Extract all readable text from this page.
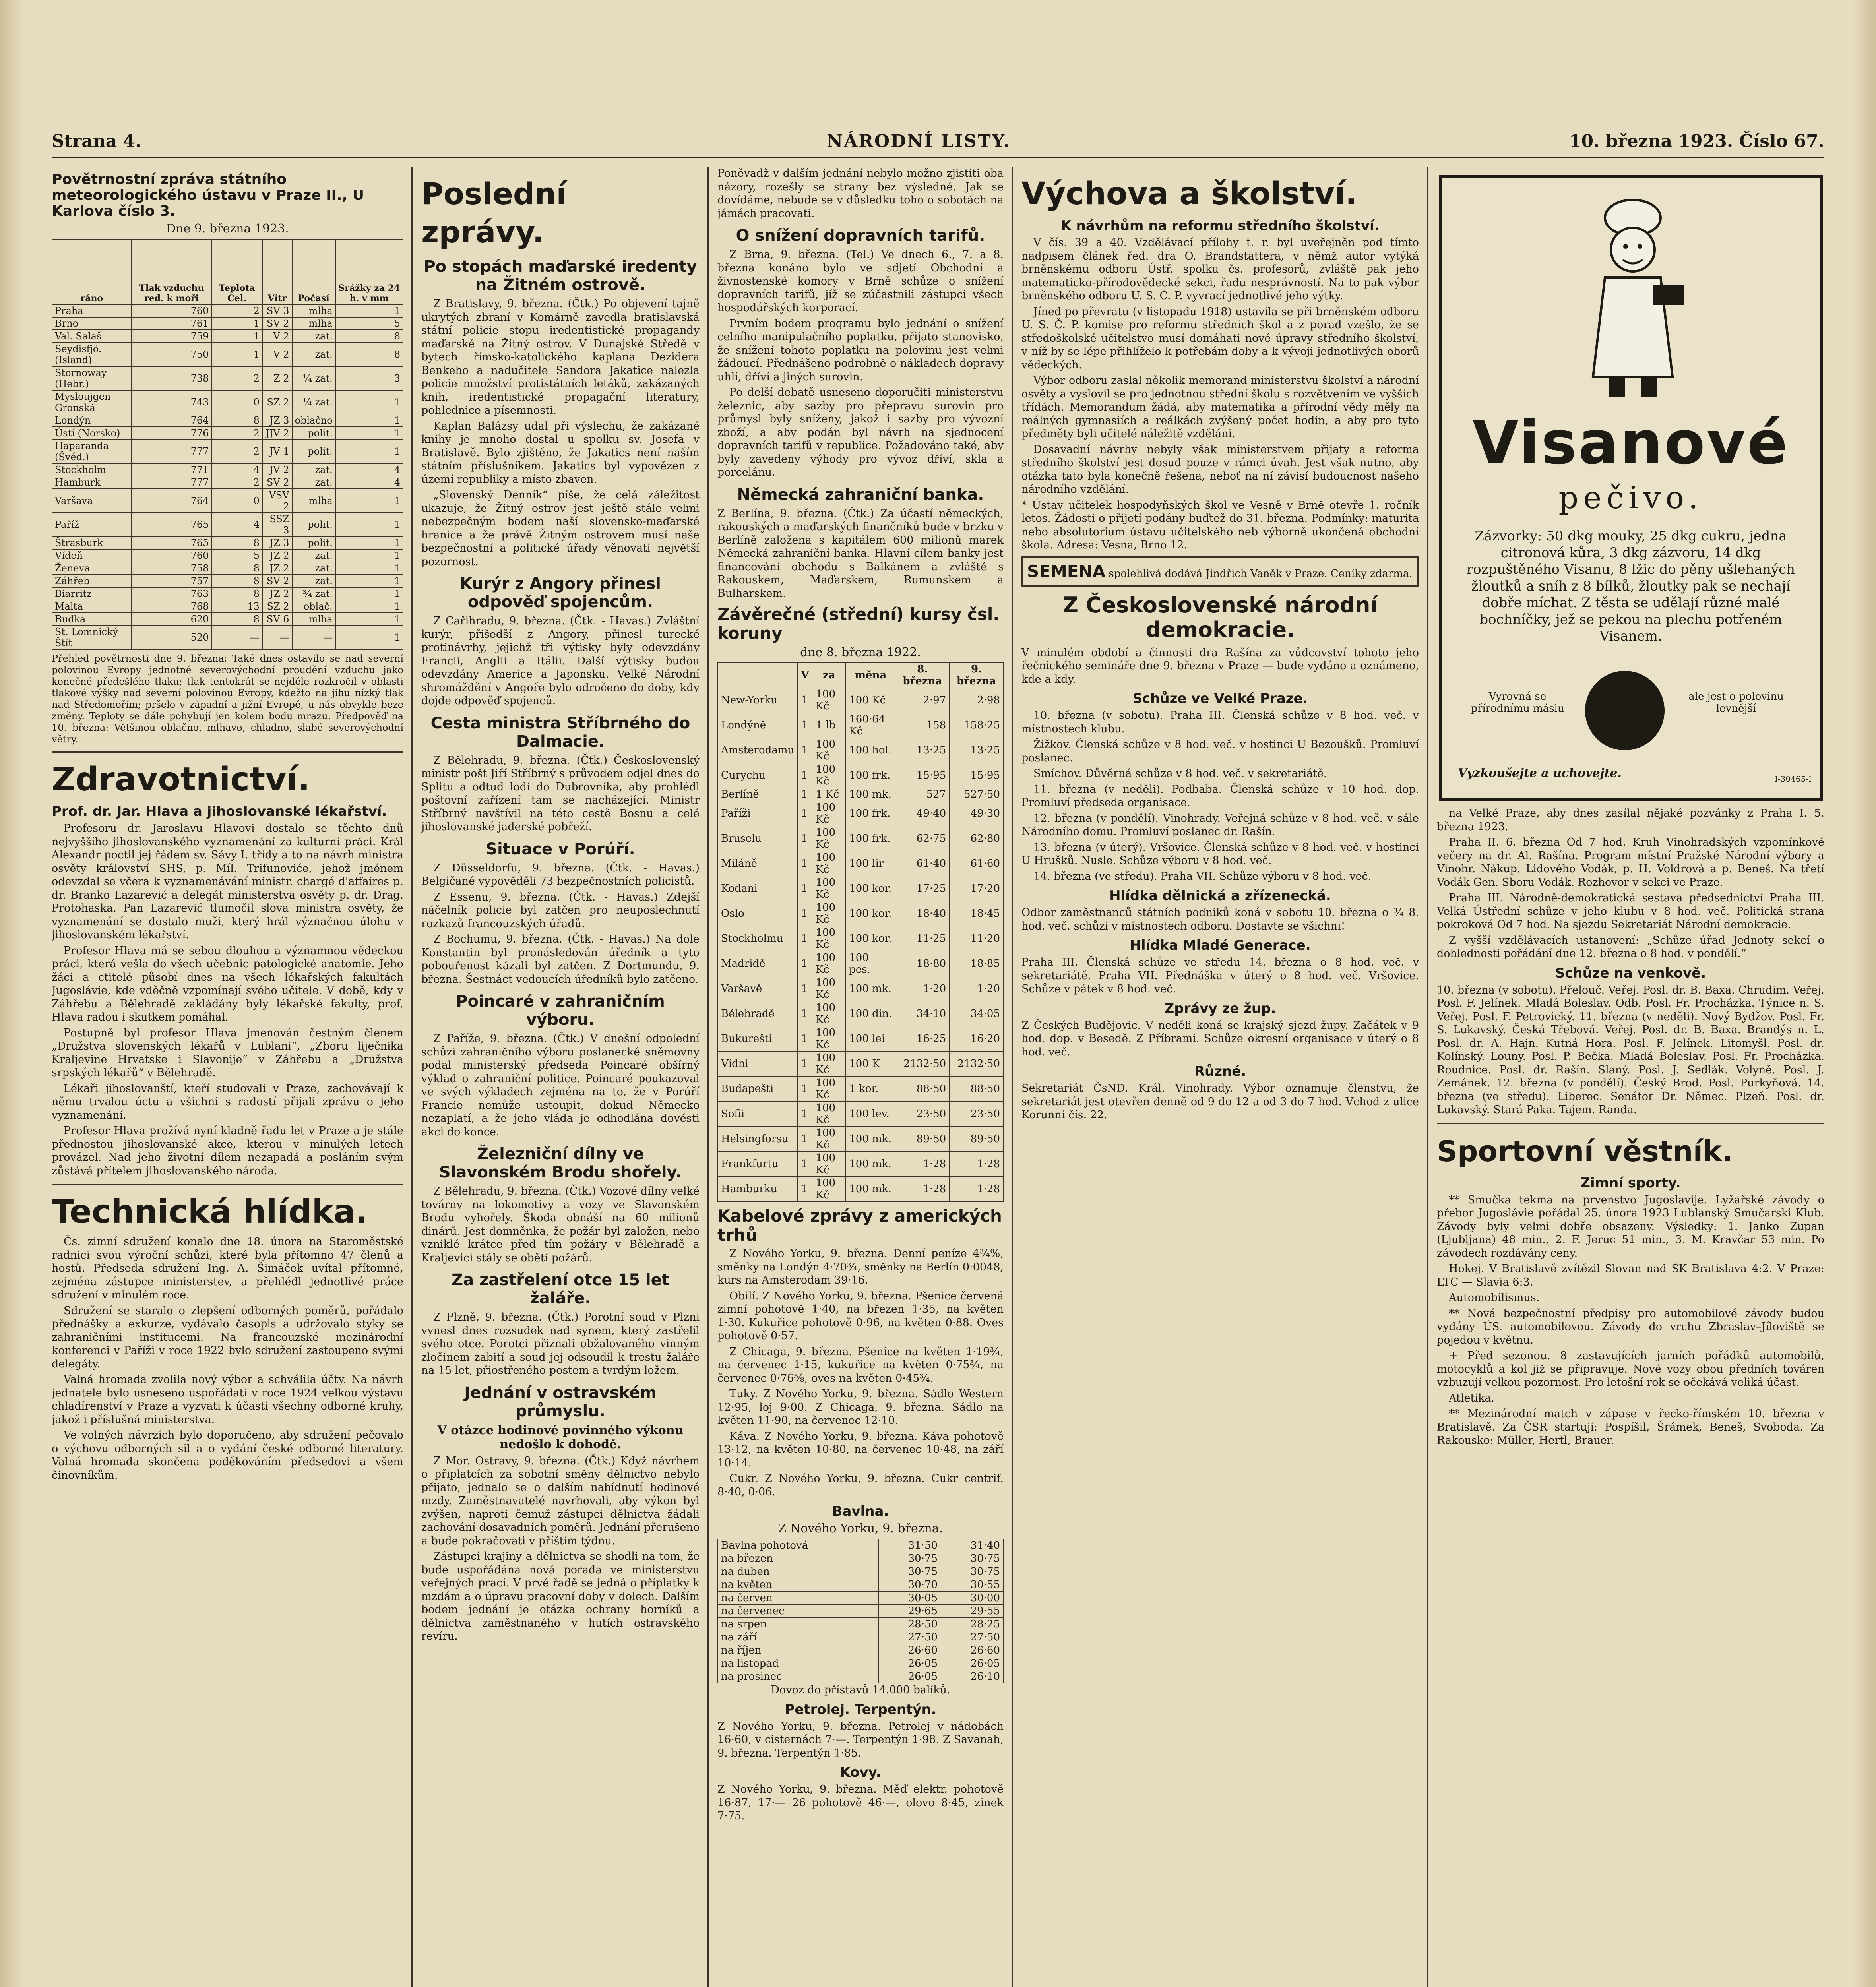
Strana 4.	NÁRODNÍ LISTY.	10. března 1923. Číslo 67.
Povětrnostní zpráva státního meteorologického ústavu v Praze II., U Karlova číslo 3.
Dne 9. března 1923.
ráno	Tlak vzduchu red. k moři	Teplota Cel.	Vítr	Počasí	Srážky za 24 h. v mm
Praha	760	2	SV 3	mlha	1
Brno	761	1	SV 2	mlha	5
Val. Salaš	759	1	V 2	zat.	8
Seydisfjö. (Island)	750	1	V 2	zat.	8
Stornoway (Hebr.)	738	2	Z 2	¼ zat.	3
Mysloujgen Gronská	743	0	SZ 2	¼ zat.	1
Londýn	764	8	JZ 3	oblačno	1
Ústí (Norsko)	776	2	JJV 2	polit.	1
Haparanda (Švéd.)	777	2	JV 1	polit.	1
Stockholm	771	4	JV 2	zat.	4
Hamburk	777	2	SV 2	zat.	4
Varšava	764	0	VSV 2	mlha	1
Paříž	765	4	SSZ 3	polit.	1
Štrasburk	765	8	JZ 3	polit.	1
Vídeň	760	5	JZ 2	zat.	1
Ženeva	758	8	JZ 2	zat.	1
Záhřeb	757	8	SV 2	zat.	1
Biarritz	763	8	JZ 2	¾ zat.	1
Malta	768	13	SZ 2	oblač.	1
Budka	620	8	SV 6	mlha	1
St. Lomnický Štít	520	—	—	—	1
Přehled povětrnosti dne 9. března: Také dnes ostavilo se nad severní polovinou Evropy jednotné severovýchodní proudění vzduchu jako konečné předešlého tlaku; tlak tentokrát se nejdéle rozkročil v oblasti tlakové výšky nad severní polovinou Evropy, kdežto na jihu nízký tlak nad Středomořím; pršelo v západní a jižní Evropě, u nás obvykle beze změny. Teploty se dále pohybují jen kolem bodu mrazu. Předpověď na 10. března: Většinou oblačno, mlhavo, chladno, slabé severovýchodní větry.
Zdravotnictví.
Prof. dr. Jar. Hlava a jihoslovanské lékařství.

Profesoru dr. Jaroslavu Hlavovi dostalo se těchto dnů nejvyššího jihoslovanského vyznamenání za kulturní práci. Král Alexandr poctil jej řádem sv. Sávy I. třídy a to na návrh ministra osvěty království SHS, p. Míl. Trifunoviće, jehož jménem odevzdal se včera k vyznamenávání ministr. chargé d'affaires p. dr. Branko Lazarević a delegát ministerstva osvěty p. dr. Drag. Protohaska. Pan Lazarević tlumočil slova ministra osvěty, že vyznamenání se dostalo muži, který hrál význačnou úlohu v jihoslovanském lékařství.

Profesor Hlava má se sebou dlouhou a významnou vědeckou práci, která vešla do všech učebnic patologické anatomie. Jeho žáci a ctitelé působí dnes na všech lékařských fakultách Jugoslávie, kde vděčně vzpomínají svého učitele. V době, kdy v Záhřebu a Bělehradě zakládány byly lékařské fakulty, prof. Hlava radou i skutkem pomáhal.

Postupně byl profesor Hlava jmenován čestným členem „Družstva slovenských lékařů v Lublani“, „Zboru liječnika Kraljevine Hrvatske i Slavonije“ v Záhřebu a „Družstva srpských lékařů“ v Bělehradě.

Lékaři jihoslovanští, kteří studovali v Praze, zachovávají k němu trvalou úctu a všichni s radostí přijali zprávu o jeho vyznamenání.

Profesor Hlava prožívá nyní kladně řadu let v Praze a je stále přednostou jihoslovanské akce, kterou v minulých letech provázel. Nad jeho životní dílem nezapadá a posláním svým zůstává přítelem jihoslovanského národa.

Technická hlídka.

Čs. zimní sdružení konalo dne 18. února na Staroměstské radnici svou výroční schůzi, které byla přítomno 47 členů a hostů. Předseda sdružení Ing. A. Šimáček uvítal přítomné, zejména zástupce ministerstev, a přehlédl jednotlivé práce sdružení v minulém roce.

Sdružení se staralo o zlepšení odborných poměrů, pořádalo přednášky a exkurze, vydávalo časopis a udržovalo styky se zahraničními institucemi. Na francouzské mezinárodní konferenci v Paříži v roce 1922 bylo sdružení zastoupeno svými delegáty.

Valná hromada zvolila nový výbor a schválila účty. Na návrh jednatele bylo usneseno uspořádati v roce 1924 velkou výstavu chladírenství v Praze a vyzvati k účasti všechny odborné kruhy, jakož i příslušná ministerstva.

Ve volných návrzích bylo doporučeno, aby sdružení pečovalo o výchovu odborných sil a o vydání české odborné literatury. Valná hromada skončena poděkováním předsedovi a všem činovníkům.

Poslední zprávy.
Po stopách maďarské iredenty na Žitném ostrově.

Z Bratislavy, 9. března. (Čtk.) Po objevení tajně ukrytých zbraní v Komárně zavedla bratislavská státní policie stopu iredentistické propagandy maďarské na Žitný ostrov. V Dunajské Středě v bytech římsko-katolického kaplana Dezidera Benkeho a nadučitele Sandora Jakatice nalezla policie množství protistátních letáků, zakázaných knih, iredentistické propagační literatury, pohlednice a písemnosti.

Kaplan Balázsy udal při výslechu, že zakázané knihy je mnoho dostal u spolku sv. Josefa v Bratislavě. Bylo zjištěno, že Jakatics není naším státním příslušníkem. Jakatics byl vypovězen z území republiky a místo zbaven.

„Slovenský Denník“ píše, že celá záležitost ukazuje, že Žitný ostrov jest ještě stále velmi nebezpečným bodem naší slovensko-maďarské hranice a že právě Žitným ostrovem musí naše bezpečnostní a politické úřady věnovati největší pozornost.

Kurýr z Angory přinesl odpověď spojencům.

Z Cařihradu, 9. března. (Čtk. - Havas.) Zvláštní kurýr, přišedší z Angory, přinesl turecké protinávrhy, jejichž tři výtisky byly odevzdány Francii, Anglii a Itálii. Další výtisky budou odevzdány Americe a Japonsku. Velké Národní shromáždění v Angoře bylo odročeno do doby, kdy dojde odpověď spojenců.

Cesta ministra Stříbrného do Dalmacie.

Z Bělehradu, 9. března. (Čtk.) Československý ministr pošt Jiří Stříbrný s průvodem odjel dnes do Splitu a odtud lodí do Dubrovníka, aby prohlédl poštovní zařízení tam se nacházející. Ministr Stříbrný navštívil na této cestě Bosnu a celé jihoslovanské jaderské pobřeží.

Situace v Porúří.

Z Düsseldorfu, 9. března. (Čtk. - Havas.) Belgičané vypověděli 73 bezpečnostních policistů.

Z Essenu, 9. března. (Čtk. - Havas.) Zdejší náčelník policie byl zatčen pro neuposlechnutí rozkazů francouzských úřadů.

Z Bochumu, 9. března. (Čtk. - Havas.) Na dole Konstantin byl pronásledován úředník a tyto pobouřenost kázali byl zatčen. Z Dortmundu, 9. března. Šestnáct vedoucích úředníků bylo zatčeno.

Poincaré v zahraničním výboru.

Z Paříže, 9. března. (Čtk.) V dnešní odpolední schůzi zahraničního výboru poslanecké sněmovny podal ministerský předseda Poincaré obšírný výklad o zahraniční politice. Poincaré poukazoval ve svých výkladech zejména na to, že v Porúří Francie nemůže ustoupit, dokud Německo nezaplatí, a že jeho vláda je odhodlána dovésti akci do konce.

Železniční dílny ve Slavonském Brodu shořely.

Z Bělehradu, 9. března. (Čtk.) Vozové dílny velké továrny na lokomotivy a vozy ve Slavonském Brodu vyhořely. Škoda obnáší na 60 milionů dinárů. Jest domněnka, že požár byl založen, nebo vzniklé krátce před tím požáry v Bělehradě a Kraljevici stály se obětí požárů.

Za zastřelení otce 15 let žaláře.

Z Plzně, 9. března. (Čtk.) Porotní soud v Plzni vynesl dnes rozsudek nad synem, který zastřelil svého otce. Porotci přiznali obžalovaného vinným zločinem zabití a soud jej odsoudil k trestu žaláře na 15 let, přiostřeného postem a tvrdým ložem.

Jednání v ostravském průmyslu.
V otázce hodinové povinného výkonu nedošlo k dohodě.

Z Mor. Ostravy, 9. března. (Čtk.) Když návrhem o připlatcích za sobotní směny dělnictvo nebylo přijato, jednalo se o dalším nabídnutí hodinové mzdy. Zaměstnavatelé navrhovali, aby výkon byl zvýšen, naproti čemuž zástupci dělnictva žádali zachování dosavadních poměrů. Jednání přerušeno a bude pokračovati v příštím týdnu.

Zástupci krajiny a dělnictva se shodli na tom, že bude uspořádána nová porada ve ministerstvu veřejných prací. V prvé řadě se jedná o příplatky k mzdám a o úpravu pracovní doby v dolech. Dalším bodem jednání je otázka ochrany horníků a dělnictva zaměstnaného v hutích ostravského revíru.

Poněvadž v dalším jednání nebylo možno zjistiti oba názory, rozešly se strany bez výsledné. Jak se dovídáme, nebude se v důsledku toho o sobotách na jámách pracovati.
O snížení dopravních tarifů.

Z Brna, 9. března. (Tel.) Ve dnech 6., 7. a 8. března konáno bylo ve sdjetí Obchodní a živnostenské komory v Brně schůze o snížení dopravních tarifů, jíž se zúčastnili zástupci všech hospodářských korporací.

Prvním bodem programu bylo jednání o snížení celního manipulačního poplatku, přijato stanovisko, že snížení tohoto poplatku na polovinu jest velmi žádoucí. Přednášeno podrobně o nákladech dopravy uhlí, dříví a jiných surovin.

Po delší debatě usneseno doporučiti ministerstvu železnic, aby sazby pro přepravu surovin pro průmysl byly sníženy, jakož i sazby pro vývozní zboží, a aby podán byl návrh na sjednocení dopravních tarifů v republice. Požadováno také, aby byly zavedeny výhody pro vývoz dříví, skla a porcelánu.

Německá zahraniční banka.
Z Berlína, 9. března. (Čtk.) Za účastí německých, rakouských a maďarských finančníků bude v brzku v Berlíně založena s kapitálem 600 milionů marek Německá zahraniční banka. Hlavní cílem banky jest financování obchodu s Balkánem a zvláště s Rakouskem, Maďarskem, Rumunskem a Bulharskem.
Závěrečné (střední) kursy čsl. koruny
dne 8. března 1922.
	V	za	měna	8. března	9. března
New-Yorku	1	100 Kč	100 Kč	2·97	2·98
Londýně	1	1 lb	160·64 Kč	158	158·25
Amsterodamu	1	100 Kč	100 hol.	13·25	13·25
Curychu	1	100 Kč	100 frk.	15·95	15·95
Berlíně	1	1 Kč	100 mk.	527	527·50
Paříži	1	100 Kč	100 frk.	49·40	49·30
Bruselu	1	100 Kč	100 frk.	62·75	62·80
Miláně	1	100 Kč	100 lir	61·40	61·60
Kodani	1	100 Kč	100 kor.	17·25	17·20
Oslo	1	100 Kč	100 kor.	18·40	18·45
Stockholmu	1	100 Kč	100 kor.	11·25	11·20
Madridě	1	100 Kč	100 pes.	18·80	18·85
Varšavě	1	100 Kč	100 mk.	1·20	1·20
Bělehradě	1	100 Kč	100 din.	34·10	34·05
Bukurešti	1	100 Kč	100 lei	16·25	16·20
Vídni	1	100 Kč	100 K	2132·50	2132·50
Budapešti	1	100 Kč	1 kor.	88·50	88·50
Sofii	1	100 Kč	100 lev.	23·50	23·50
Helsingforsu	1	100 Kč	100 mk.	89·50	89·50
Frankfurtu	1	100 Kč	100 mk.	1·28	1·28
Hamburku	1	100 Kč	100 mk.	1·28	1·28
Kabelové zprávy z amerických trhů

Z Nového Yorku, 9. března. Denní peníze 4¾%, směnky na Londýn 4·70¾, směnky na Berlín 0·0048, kurs na Amsterodam 39·16.

Obilí. Z Nového Yorku, 9. března. Pšenice červená zimní pohotově 1·40, na březen 1·35, na květen 1·30. Kukuřice pohotově 0·96, na květen 0·88. Oves pohotově 0·57.

Z Chicaga, 9. března. Pšenice na květen 1·19¾, na červenec 1·15, kukuřice na květen 0·75¾, na červenec 0·76⅝, oves na květen 0·45¾.

Tuky. Z Nového Yorku, 9. března. Sádlo Western 12·95, loj 9·00. Z Chicaga, 9. března. Sádlo na květen 11·90, na červenec 12·10.

Káva. Z Nového Yorku, 9. března. Káva pohotově 13·12, na květen 10·80, na červenec 10·48, na září 10·14.

Cukr. Z Nového Yorku, 9. března. Cukr centrif. 8·40, 0·06.

Bavlna.
Z Nového Yorku, 9. března.
Bavlna pohotová	31·50	31·40
na březen	30·75	30·75
na duben	30·75	30·75
na květen	30·70	30·55
na červen	30·05	30·00
na červenec	29·65	29·55
na srpen	28·50	28·25
na září	27·50	27·50
na říjen	26·60	26·60
na listopad	26·05	26·05
na prosinec	26·05	26·10
Dovoz do přístavů 14.000 balíků.
Petrolej. Terpentýn.
Z Nového Yorku, 9. března. Petrolej v nádobách 16·60, v cisternách 7·—. Terpentýn 1·98. Z Savanah, 9. března. Terpentýn 1·85.
Kovy.
Z Nového Yorku, 9. března. Měď elektr. pohotově 16·87, 17·— 26 pohotově 46·—, olovo 8·45, zinek 7·75.
Výchova a školství.
K návrhům na reformu středního školství.

V čís. 39 a 40. Vzdělávací přílohy t. r. byl uveřejněn pod tímto nadpisem článek řed. dra O. Brandstättera, v němž autor vytýká brněnskému odboru Ústř. spolku čs. profesorů, zvláště pak jeho matematicko-přírodovědecké sekci, řadu nesprávností. Na to pak výbor brněnského odboru U. S. Č. P. vyvrací jednotlivé jeho výtky.

Jíned po převratu (v listopadu 1918) ustavila se při brněnském odboru U. S. Č. P. komise pro reformu středních škol a z porad vzešlo, že se středoškolské učitelstvo musí domáhati nové úpravy středního školství, v níž by se lépe přihlíželo k potřebám doby a k vývoji jednotlivých oborů vědeckých.

Výbor odboru zaslal několik memorand ministerstvu školství a národní osvěty a vyslovil se pro jednotnou střední školu s rozvětvením ve vyšších třídách. Memorandum žádá, aby matematika a přírodní vědy měly na reálných gymnasiích a reálkách zvýšený počet hodin, a aby pro tyto předměty byli učitelé náležitě vzděláni.

Dosavadní návrhy nebyly však ministerstvem přijaty a reforma středního školství jest dosud pouze v rámci úvah. Jest však nutno, aby otázka tato byla konečně řešena, neboť na ní závisí budoucnost našeho národního vzdělání.

* Ústav učitelek hospodyňských škol ve Vesně v Brně otevře 1. ročník letos. Žádosti o přijetí podány buďtež do 31. března. Podmínky: maturita nebo absolutorium ústavu učitelského neb výborně ukončená obchodní škola. Adresa: Vesna, Brno 12.
SEMENA spolehlivá dodává Jindřich Vaněk v Praze. Ceníky zdarma.
Z Československé národní demokracie.
V minulém období a činnosti dra Rašína za vůdcovství tohoto jeho řečnického semináře dne 9. března v Praze — bude vydáno a oznámeno, kde a kdy.
Schůze ve Velké Praze.

10. března (v sobotu). Praha III. Členská schůze v 8 hod. več. v místnostech klubu.

Žižkov. Členská schůze v 8 hod. več. v hostinci U Bezoušků. Promluví poslanec.

Smíchov. Důvěrná schůze v 8 hod. več. v sekretariátě.

11. března (v neděli). Podbaba. Členská schůze v 10 hod. dop. Promluví předseda organisace.

12. března (v pondělí). Vinohrady. Veřejná schůze v 8 hod. več. v sále Národního domu. Promluví poslanec dr. Rašín.

13. března (v úterý). Vršovice. Členská schůze v 8 hod. več. v hostinci U Hrušků. Nusle. Schůze výboru v 8 hod. več.

14. března (ve středu). Praha VII. Schůze výboru v 8 hod. več.

Hlídka dělnická a zřízenecká.
Odbor zaměstnanců státních podniků koná v sobotu 10. března o ¾ 8. hod. več. schůzi v místnostech odboru. Dostavte se všichni!
Hlídka Mladé Generace.
Praha III. Členská schůze ve středu 14. března o 8 hod. več. v sekretariátě. Praha VII. Přednáška v úterý o 8 hod. več. Vršovice. Schůze v pátek v 8 hod. več.
Zprávy ze žup.
Z Českých Budějovic. V neděli koná se krajský sjezd župy. Začátek v 9 hod. dop. v Besedě. Z Příbrami. Schůze okresní organisace v úterý o 8 hod. več.
Různé.
Sekretariát ČsND. Král. Vinohrady. Výbor oznamuje členstvu, že sekretariát jest otevřen denně od 9 do 12 a od 3 do 7 hod. Vchod z ulice Korunní čís. 22.
Visanové
pečivo.
Zázvorky: 50 dkg mouky, 25 dkg cukru, jedna citronová kůra, 3 dkg zázvoru, 14 dkg rozpuštěného Visanu, 8 lžic do pěny ušlehaných žloutků a sníh z 8 bílků, žloutky pak se nechají dobře míchat. Z těsta se udělají různé malé bochníčky, jež se pekou na plechu potřeném Visanem.
Vyrovná se přírodnímu máslu
ale jest o polovinu levnější
Vyzkoušejte a uchovejte.	I-30465-I

na Velké Praze, aby dnes zasílal nějaké pozvánky z Praha I. 5. března 1923.

Praha II. 6. března Od 7 hod. Kruh Vinohradských vzpomínkové večery na dr. Al. Rašína. Program místní Pražské Národní výbory a Vinohr. Nákup. Lidového Vodák, p. H. Voldrová a p. Beneš. Na třetí Vodák Gen. Sboru Vodák. Rozhovor v sekci ve Praze.

Praha III. Národně-demokratická sestava předsednictví Praha III. Velká Ústřední schůze v jeho klubu v 8 hod. več. Politická strana pokroková Od 7 hod. Na sjezdu Sekretariát Národní demokracie.

Z vyšší vzdělávacích ustanovení: „Schůze úřad Jednoty sekcí o dohlednosti pořádání dne 12. března o 8 hod. v pondělí.“

Schůze na venkově.
10. března (v sobotu). Přelouč. Veřej. Posl. dr. B. Baxa. Chrudim. Veřej. Posl. F. Jelínek. Mladá Boleslav. Odb. Posl. Fr. Procházka. Týnice n. S. Veřej. Posl. F. Petrovický. 11. března (v neděli). Nový Bydžov. Posl. Fr. S. Lukavský. Česká Třebová. Veřej. Posl. dr. B. Baxa. Brandýs n. L. Posl. dr. A. Hajn. Kutná Hora. Posl. F. Jelínek. Litomyšl. Posl. dr. Kolínský. Louny. Posl. P. Bečka. Mladá Boleslav. Posl. Fr. Procházka. Roudnice. Posl. dr. Rašín. Slaný. Posl. J. Sedlák. Volyně. Posl. J. Zemánek. 12. března (v pondělí). Český Brod. Posl. Purkyňová. 14. března (ve středu). Liberec. Senátor Dr. Němec. Plzeň. Posl. dr. Lukavský. Stará Paka. Tajem. Randa.
Sportovní věstník.
Zimní sporty.

** Smučka tekma na prvenstvo Jugoslavije. Lyžařské závody o přebor Jugoslávie pořádal 25. února 1923 Lublanský Smučarski Klub. Závody byly velmi dobře obsazeny. Výsledky: 1. Janko Zupan (Ljubljana) 48 min., 2. F. Jeruc 51 min., 3. M. Kravčar 53 min. Po závodech rozdávány ceny.

Hokej. V Bratislavě zvítězil Slovan nad ŠK Bratislava 4:2. V Praze: LTC — Slavia 6:3.

Automobilismus.

** Nová bezpečnostní předpisy pro automobilové závody budou vydány ÚS. automobilovou. Závody do vrchu Zbraslav–Jíloviště se pojedou v květnu.

+ Před sezonou. 8 zastavujících jarních pořádků automobilů, motocyklů a kol již se připravuje. Nové vozy obou předních továren vzbuzují velkou pozornost. Pro letošní rok se očekává veliká účast.

Atletika.

** Mezinárodní match v zápase v řecko-římském 10. března v Bratislavě. Za ČSR startují: Pospíšil, Šrámek, Beneš, Svoboda. Za Rakousko: Müller, Hertl, Brauer.
